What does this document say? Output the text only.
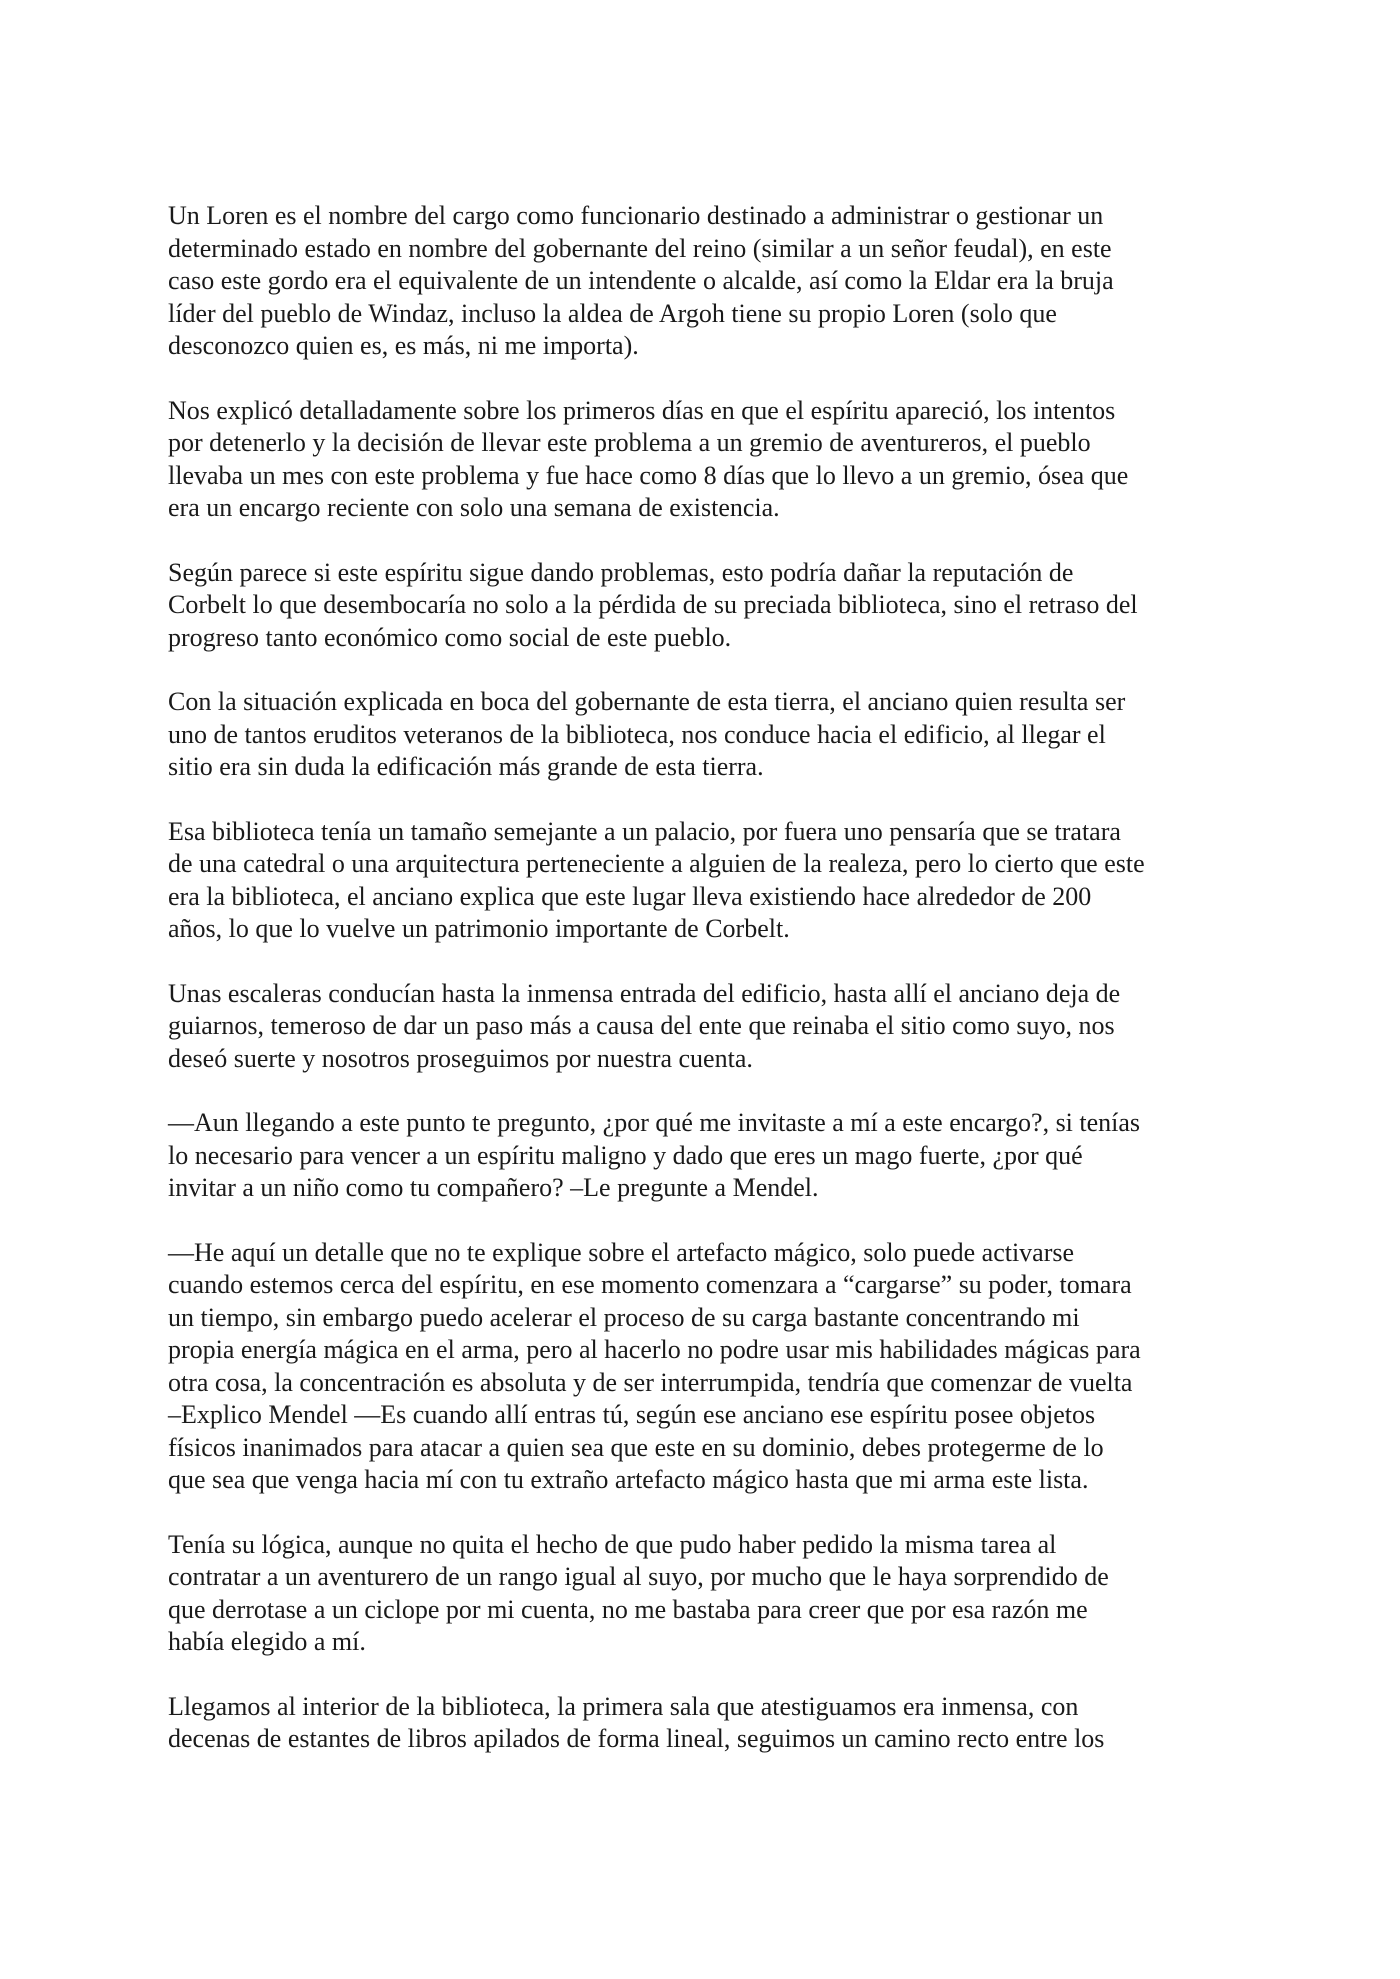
Un Loren es el nombre del cargo como funcionario destinado a administrar o gestionar un
determinado estado en nombre del gobernante del reino (similar a un señor feudal), en este
caso este gordo era el equivalente de un intendente o alcalde, así como la Eldar era la bruja
líder del pueblo de Windaz, incluso la aldea de Argoh tiene su propio Loren (solo que
desconozco quien es, es más, ni me importa).

Nos explicó detalladamente sobre los primeros días en que el espíritu apareció, los intentos
por detenerlo y la decisión de llevar este problema a un gremio de aventureros, el pueblo
llevaba un mes con este problema y fue hace como 8 días que lo llevo a un gremio, ósea que
era un encargo reciente con solo una semana de existencia.

Según parece si este espíritu sigue dando problemas, esto podría dañar la reputación de
Corbelt lo que desembocaría no solo a la pérdida de su preciada biblioteca, sino el retraso del
progreso tanto económico como social de este pueblo.

Con la situación explicada en boca del gobernante de esta tierra, el anciano quien resulta ser
uno de tantos eruditos veteranos de la biblioteca, nos conduce hacia el edificio, al llegar el
sitio era sin duda la edificación más grande de esta tierra.

Esa biblioteca tenía un tamaño semejante a un palacio, por fuera uno pensaría que se tratara
de una catedral o una arquitectura perteneciente a alguien de la realeza, pero lo cierto que este
era la biblioteca, el anciano explica que este lugar lleva existiendo hace alrededor de 200
años, lo que lo vuelve un patrimonio importante de Corbelt.

Unas escaleras conducían hasta la inmensa entrada del edificio, hasta allí el anciano deja de
guiarnos, temeroso de dar un paso más a causa del ente que reinaba el sitio como suyo, nos
deseó suerte y nosotros proseguimos por nuestra cuenta.

—Aun llegando a este punto te pregunto, ¿por qué me invitaste a mí a este encargo?, si tenías
lo necesario para vencer a un espíritu maligno y dado que eres un mago fuerte, ¿por qué
invitar a un niño como tu compañero? –Le pregunte a Mendel.

—He aquí un detalle que no te explique sobre el artefacto mágico, solo puede activarse
cuando estemos cerca del espíritu, en ese momento comenzara a “cargarse” su poder, tomara
un tiempo, sin embargo puedo acelerar el proceso de su carga bastante concentrando mi
propia energía mágica en el arma, pero al hacerlo no podre usar mis habilidades mágicas para
otra cosa, la concentración es absoluta y de ser interrumpida, tendría que comenzar de vuelta
–Explico Mendel —Es cuando allí entras tú, según ese anciano ese espíritu posee objetos
físicos inanimados para atacar a quien sea que este en su dominio, debes protegerme de lo
que sea que venga hacia mí con tu extraño artefacto mágico hasta que mi arma este lista.

Tenía su lógica, aunque no quita el hecho de que pudo haber pedido la misma tarea al
contratar a un aventurero de un rango igual al suyo, por mucho que le haya sorprendido de
que derrotase a un ciclope por mi cuenta, no me bastaba para creer que por esa razón me
había elegido a mí.

Llegamos al interior de la biblioteca, la primera sala que atestiguamos era inmensa, con
decenas de estantes de libros apilados de forma lineal, seguimos un camino recto entre los
